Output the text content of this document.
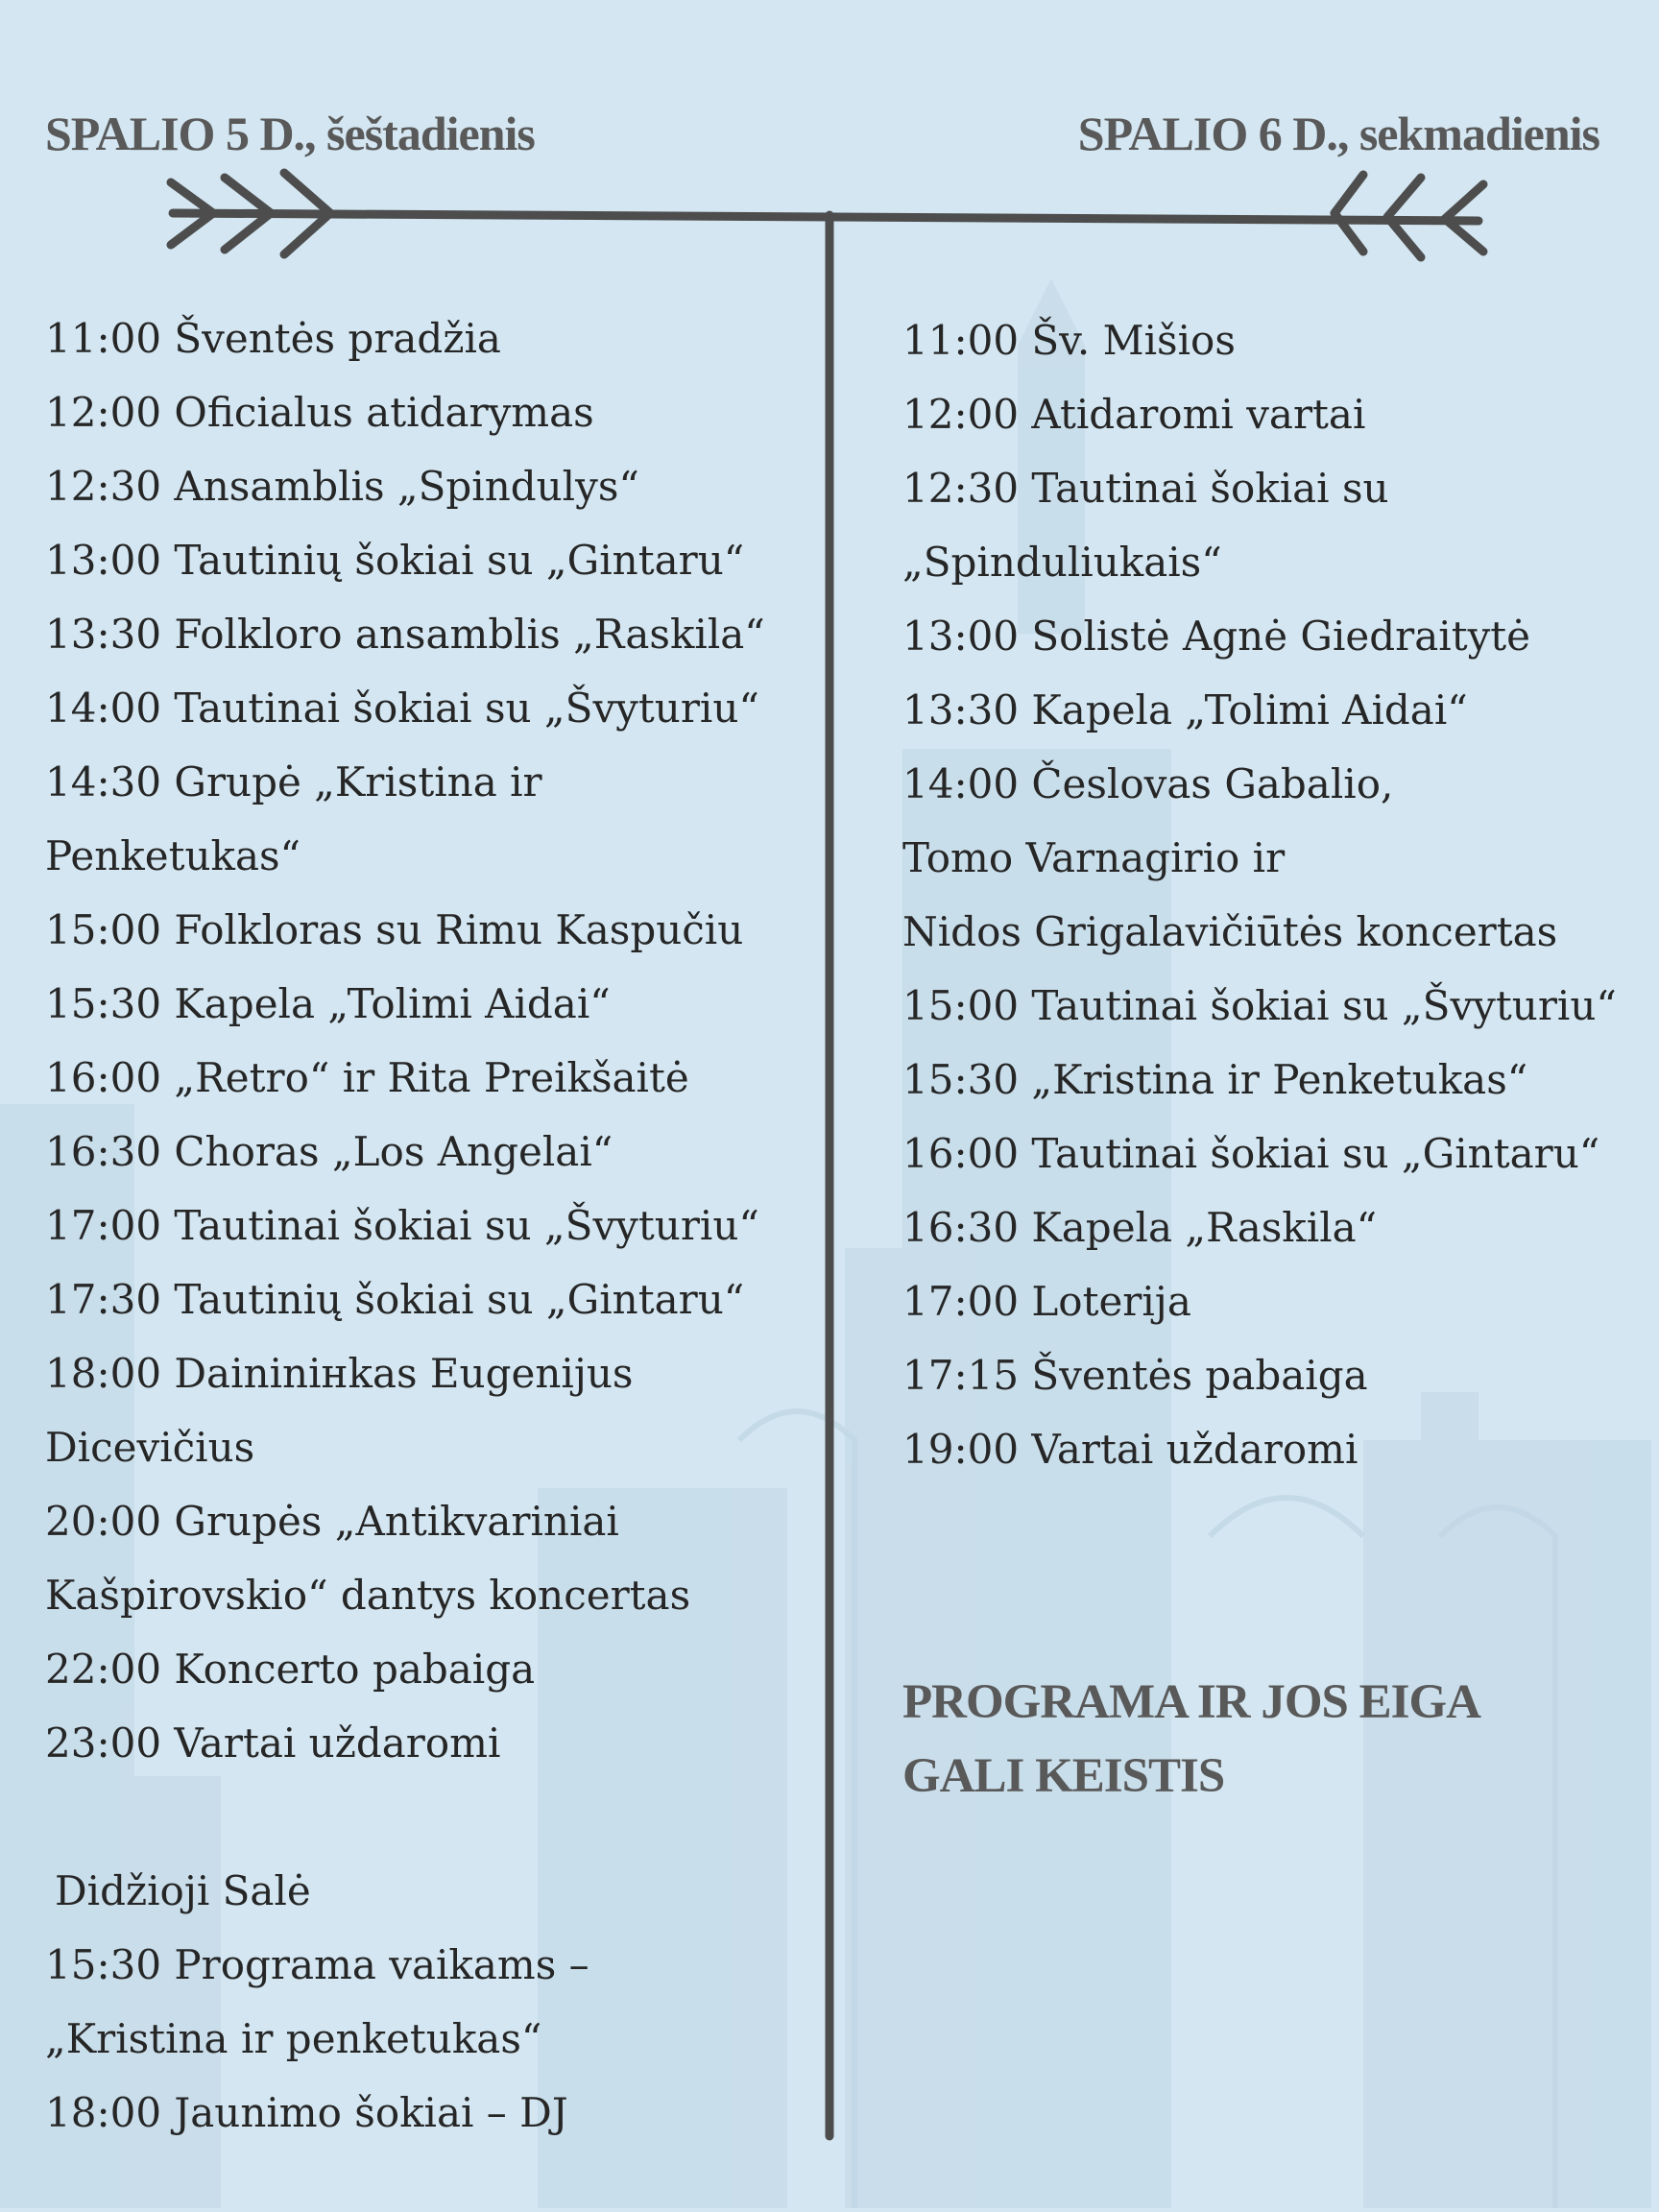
SPALIO 5 D., šeštadienis	SPALIO 6 D., sekmadienis
11:00 Šventės pradžia
12:00 Oficialus atidarymas
12:30 Ansamblis „Spindulys“
13:00 Tautinių šokiai su „Gintaru“
13:30 Folkloro ansamblis „Raskila“
14:00 Tautinai šokiai su „Švyturiu“
14:30 Grupė „Kristina ir
Penketukas“
15:00 Folkloras su Rimu Kaspučiu
15:30 Kapela „Tolimi Aidai“
16:00 „Retro“ ir Rita Preikšaitė
16:30 Choras „Los Angelai“
17:00 Tautinai šokiai su „Švyturiu“
17:30 Tautinių šokiai su „Gintaru“
18:00 Daininінkas Eugenijus
Dicevičius
20:00 Grupės „Antikvariniai
Kašpirovskio“ dantys koncertas
22:00 Koncerto pabaiga
23:00 Vartai uždaromi
Didžioji Salė
15:30 Programa vaikams –
„Kristina ir penketukas“
18:00 Jaunimo šokiai – DJ
11:00 Šv. Mišios
12:00 Atidaromi vartai
12:30 Tautinai šokiai su
„Spinduliukais“
13:00 Solistė Agnė Giedraitytė
13:30 Kapela „Tolimi Aidai“
14:00 Česlovas Gabalio,
Tomo Varnagirio ir
Nidos Grigalavičiūtės koncertas
15:00 Tautinai šokiai su „Švyturiu“
15:30 „Kristina ir Penketukas“
16:00 Tautinai šokiai su „Gintaru“
16:30 Kapela „Raskila“
17:00 Loterija
17:15 Šventės pabaiga
19:00 Vartai uždaromi
PROGRAMA IR JOS EIGA
GALI KEISTIS
